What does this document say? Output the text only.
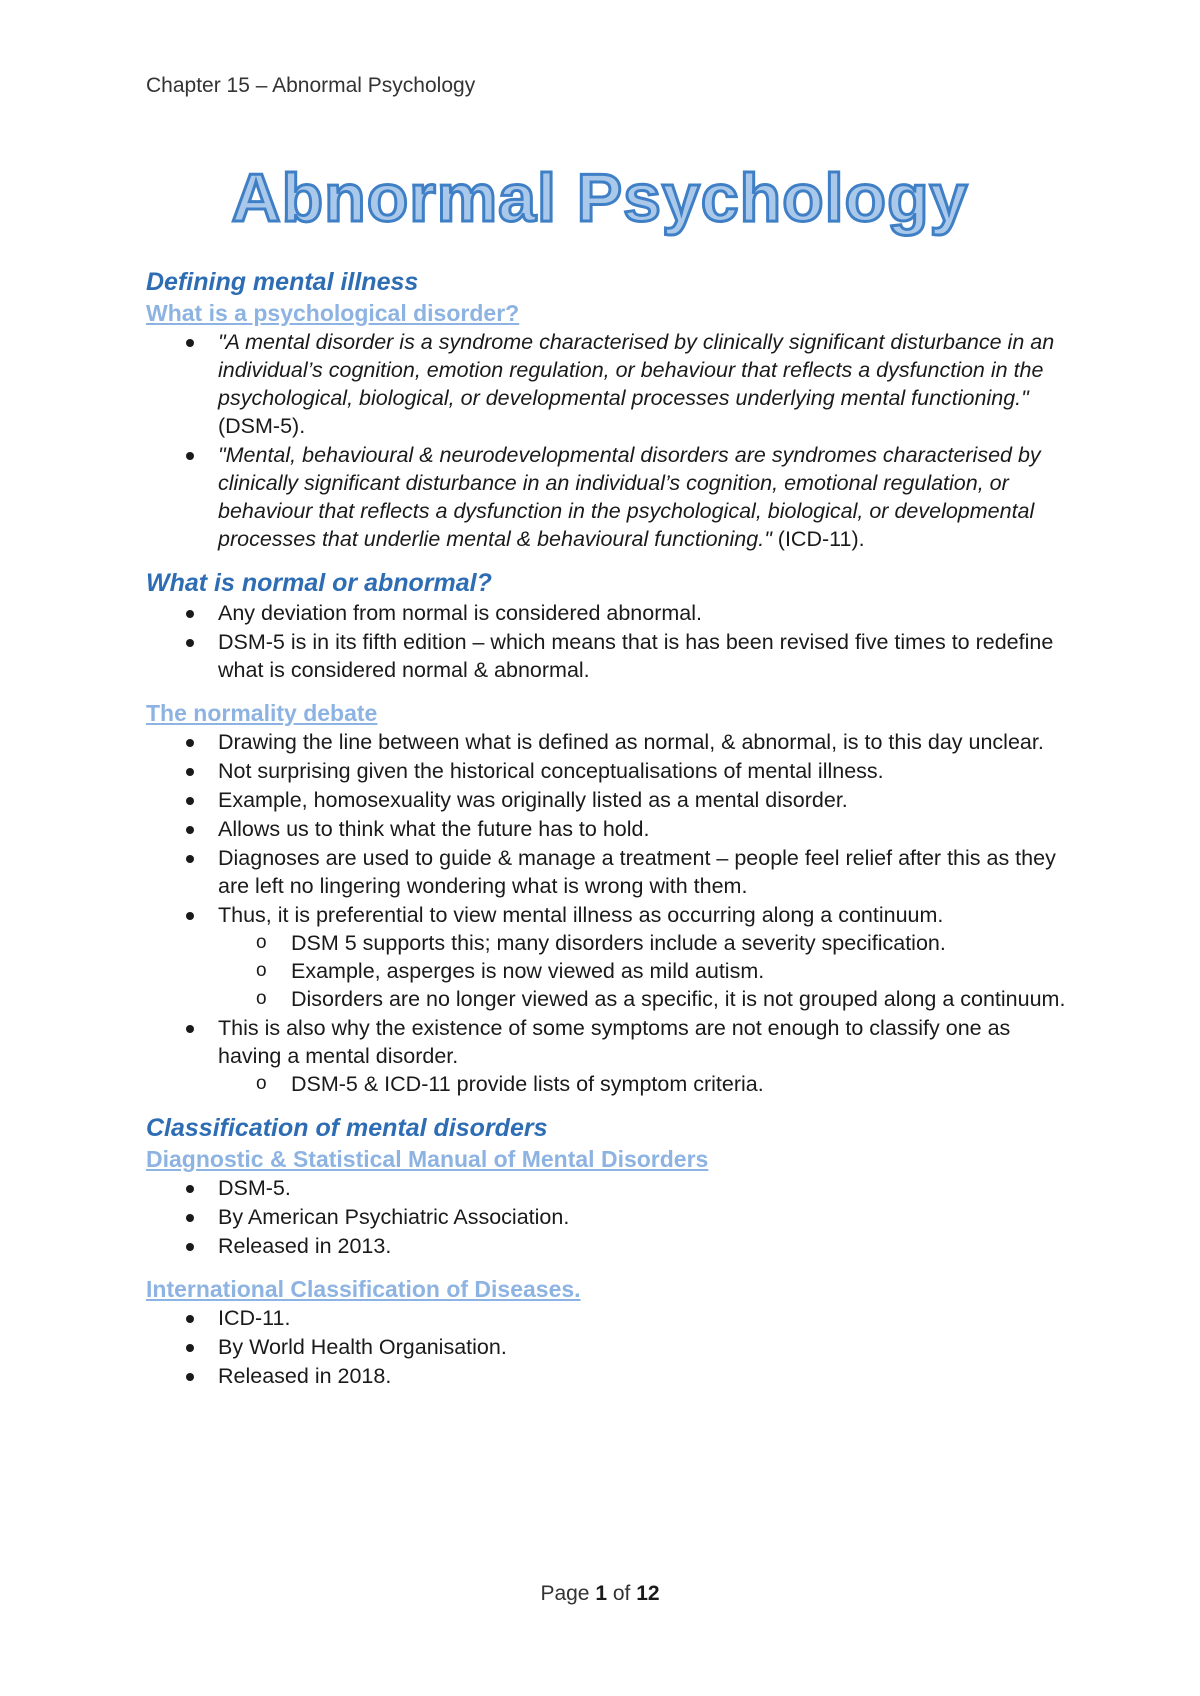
Chapter 15 – Abnormal Psychology
Abnormal Psychology
Defining mental illness
What is a psychological disorder?
"A mental disorder is a syndrome characterised by clinically significant disturbance in an individual’s cognition, emotion regulation, or behaviour that reflects a dysfunction in the psychological, biological, or developmental processes underlying mental functioning." (DSM-5).
"Mental, behavioural & neurodevelopmental disorders are syndromes characterised by clinically significant disturbance in an individual’s cognition, emotional regulation, or behaviour that reflects a dysfunction in the psychological, biological, or developmental processes that underlie mental & behavioural functioning." (ICD-11).
What is normal or abnormal?
Any deviation from normal is considered abnormal.
DSM-5 is in its fifth edition – which means that is has been revised five times to redefine what is considered normal & abnormal.
The normality debate
Drawing the line between what is defined as normal, & abnormal, is to this day unclear.
Not surprising given the historical conceptualisations of mental illness.
Example, homosexuality was originally listed as a mental disorder.
Allows us to think what the future has to hold.
Diagnoses are used to guide & manage a treatment – people feel relief after this as they are left no lingering wondering what is wrong with them.
Thus, it is preferential to view mental illness as occurring along a continuum.
o DSM 5 supports this; many disorders include a severity specification.
o Example, asperges is now viewed as mild autism.
o Disorders are no longer viewed as a specific, it is not grouped along a continuum.
This is also why the existence of some symptoms are not enough to classify one as having a mental disorder.
o DSM-5 & ICD-11 provide lists of symptom criteria.
Classification of mental disorders
Diagnostic & Statistical Manual of Mental Disorders
DSM-5.
By American Psychiatric Association.
Released in 2013.
International Classification of Diseases.
ICD-11.
By World Health Organisation.
Released in 2018.
Page 1 of 12
